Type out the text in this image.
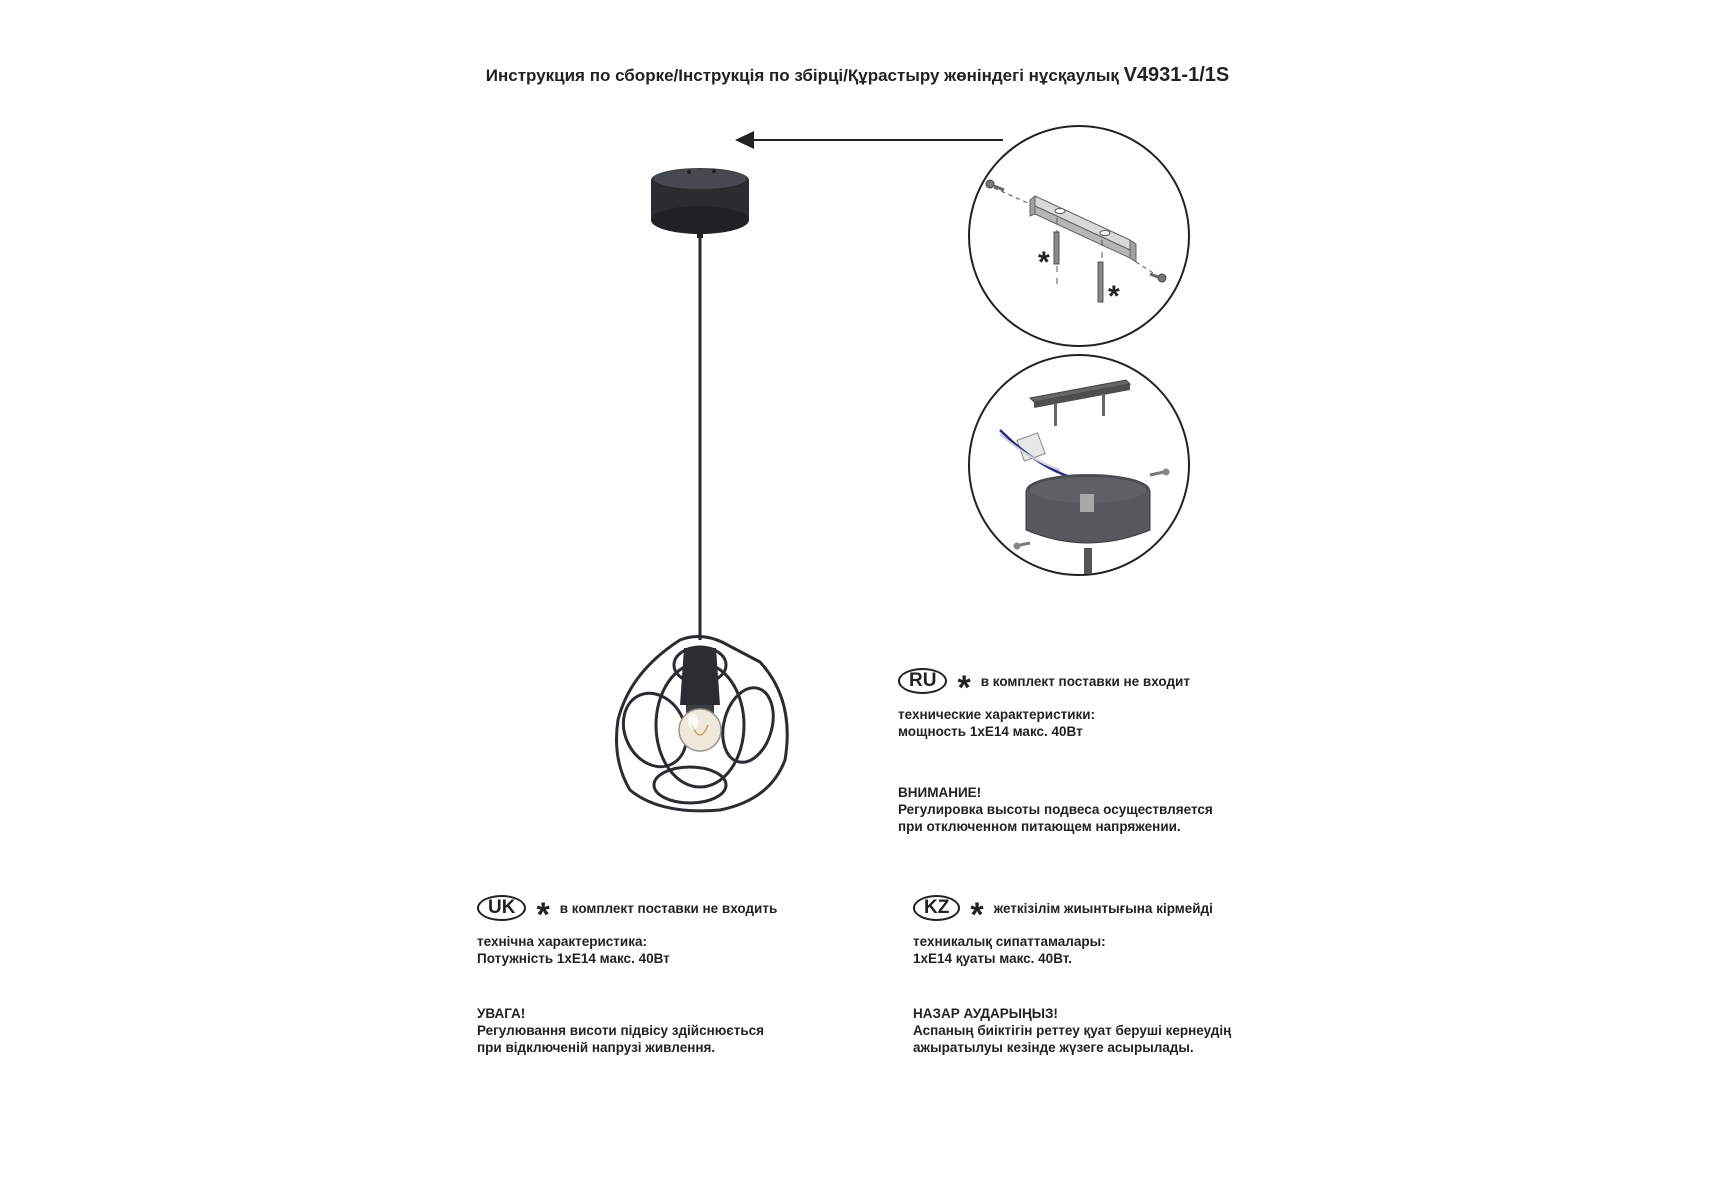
Инструкция по сборке/Інструкція по збірці/Құрастыру жөніндегі нұсқаулық V4931-1/1S
*
*
RU * в комплект поставки не входит
технические характеристики:
мощность 1хЕ14 макс. 40Вт
ВНИМАНИЕ!
Регулировка высоты подвеса осуществляется
при отключенном питающем напряжении.
UK * в комплект поставки не входить
технічна характеристика:
Потужність 1хЕ14 макс. 40Вт
УВАГА!
Регулювання висоти підвісу здійснюється
при відключеній напрузі живлення.
KZ * жеткізілім жиынтығына кірмейді
техникалық сипаттамалары:
1хЕ14 қуаты макс. 40Вт.
НАЗАР АУДАРЫҢЫЗ!
Аспаның биіктігін реттеу қуат беруші кернеудің
ажыратылуы кезінде жүзеге асырылады.
